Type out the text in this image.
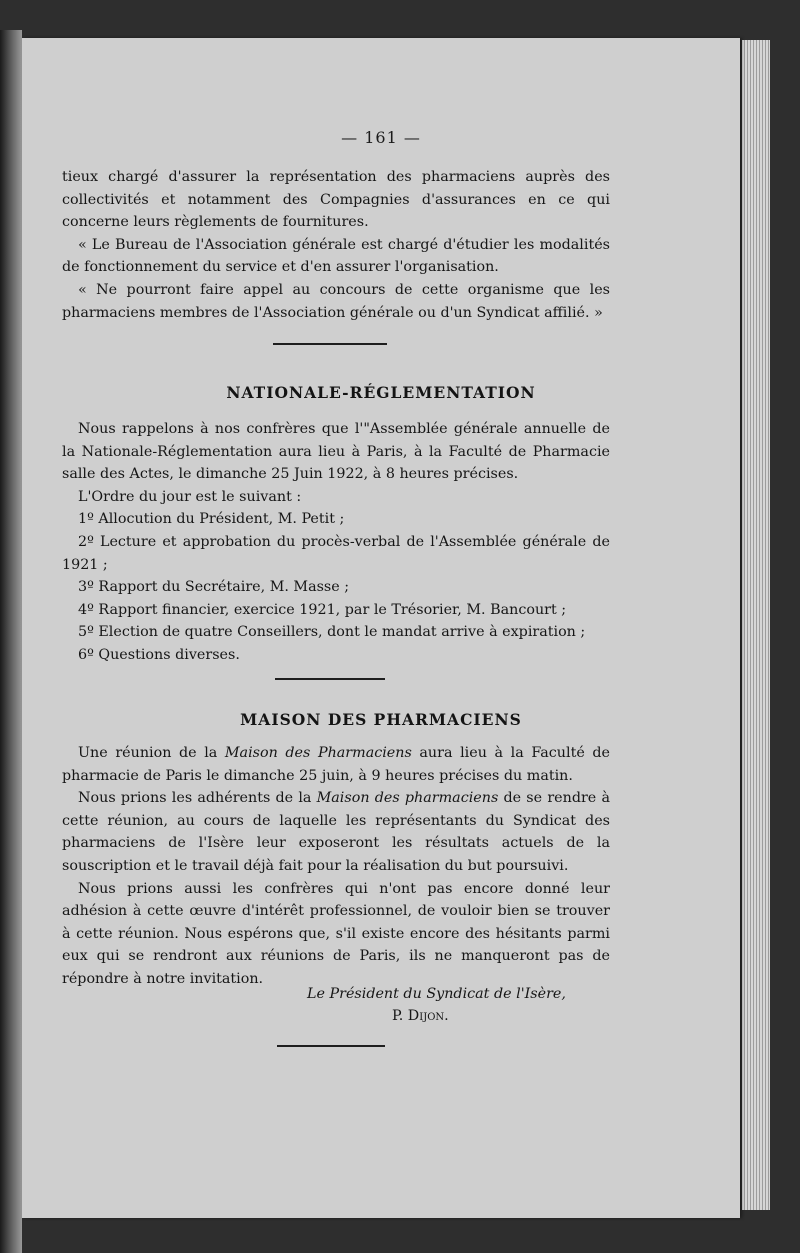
— 161 —

tieux chargé d'assurer la représentation des pharmaciens auprès des collectivités et notamment des Compagnies d'assurances en ce qui concerne leurs règlements de fournitures.

« Le Bureau de l'Association générale est chargé d'étudier les modalités de fonctionnement du service et d'en assurer l'organisation.

« Ne pourront faire appel au concours de cette organisme que les pharmaciens membres de l'Association générale ou d'un Syndicat affilié. »

NATIONALE-RÉGLEMENTATION

Nous rappelons à nos confrères que l'"Assemblée générale annuelle de la Nationale-Réglementation aura lieu à Paris, à la Faculté de Pharmacie salle des Actes, le dimanche 25 Juin 1922, à 8 heures précises.

L'Ordre du jour est le suivant :

1º Allocution du Président, M. Petit ;

2º Lecture et approbation du procès-verbal de l'Assemblée générale de 1921 ;

3º Rapport du Secrétaire, M. Masse ;

4º Rapport financier, exercice 1921, par le Trésorier, M. Bancourt ;

5º Election de quatre Conseillers, dont le mandat arrive à expiration ;

6º Questions diverses.

MAISON DES PHARMACIENS

Une réunion de la Maison des Pharmaciens aura lieu à la Faculté de pharmacie de Paris le dimanche 25 juin, à 9 heures précises du matin.

Nous prions les adhérents de la Maison des pharmaciens de se rendre à cette réunion, au cours de laquelle les représentants du Syndicat des pharmaciens de l'Isère leur exposeront les résultats actuels de la souscription et le travail déjà fait pour la réalisation du but poursuivi.

Nous prions aussi les confrères qui n'ont pas encore donné leur adhésion à cette œuvre d'intérêt professionnel, de vouloir bien se trouver à cette réunion. Nous espérons que, s'il existe encore des hésitants parmi eux qui se rendront aux réunions de Paris, ils ne manqueront pas de répondre à notre invitation.

Le Président du Syndicat de l'Isère,
P. Dijon.
